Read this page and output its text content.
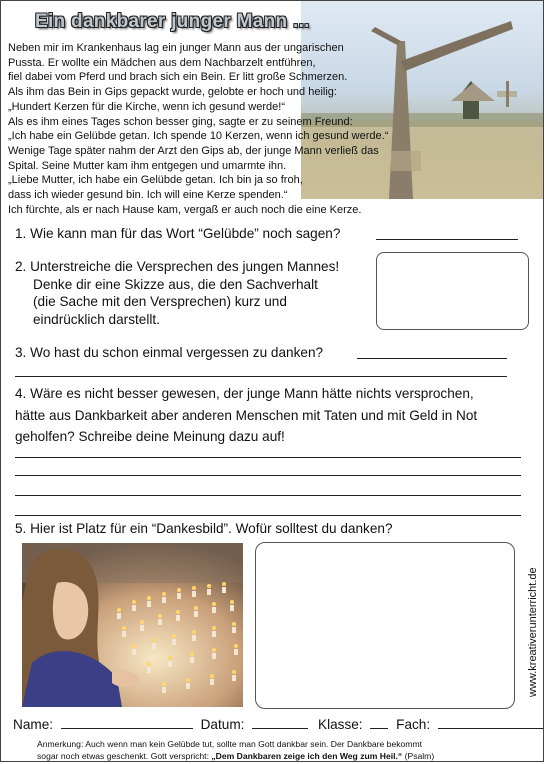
Ein dankbarer junger Mann ...
Neben mir im Krankenhaus lag ein junger Mann aus der ungarischen
Pussta. Er wollte ein Mädchen aus dem Nachbarzelt entführen,
fiel dabei vom Pferd und brach sich ein Bein. Er litt große Schmerzen.
Als ihm das Bein in Gips gepackt wurde, gelobte er hoch und heilig:
„Hundert Kerzen für die Kirche, wenn ich gesund werde!“
Als es ihm eines Tages schon besser ging, sagte er zu seinem Freund:
„Ich habe ein Gelübde getan. Ich spende 10 Kerzen, wenn ich gesund werde.“
Wenige Tage später nahm der Arzt den Gips ab, der junge Mann verließ das
Spital. Seine Mutter kam ihm entgegen und umarmte ihn.
„Liebe Mutter, ich habe ein Gelübde getan. Ich bin ja so froh,
dass ich wieder gesund bin. Ich will eine Kerze spenden.“
Ich fürchte, als er nach Hause kam, vergaß er auch noch die eine Kerze.
1. Wie kann man für das Wort “Gelübde” noch sagen?
2. Unterstreiche die Versprechen des jungen Mannes!
Denke dir eine Skizze aus, die den Sachverhalt
(die Sache mit den Versprechen) kurz und
eindrücklich darstellt.
3. Wo hast du schon einmal vergessen zu danken?
4. Wäre es nicht besser gewesen, der junge Mann hätte nichts versprochen,
hätte aus Dankbarkeit aber anderen Menschen mit Taten und mit Geld in Not
geholfen? Schreibe deine Meinung dazu auf!
5. Hier ist Platz für ein “Dankesbild”. Wofür solltest du danken?
www.kreativerunterricht.de
Name:	Datum:	Klasse: Fach:
Anmerkung: Auch wenn man kein Gelübde tut, sollte man Gott dankbar sein. Der Dankbare bekommt
sogar noch etwas geschenkt. Gott verspricht: „Dem Dankbaren zeige ich den Weg zum Heil.“ (Psalm)
